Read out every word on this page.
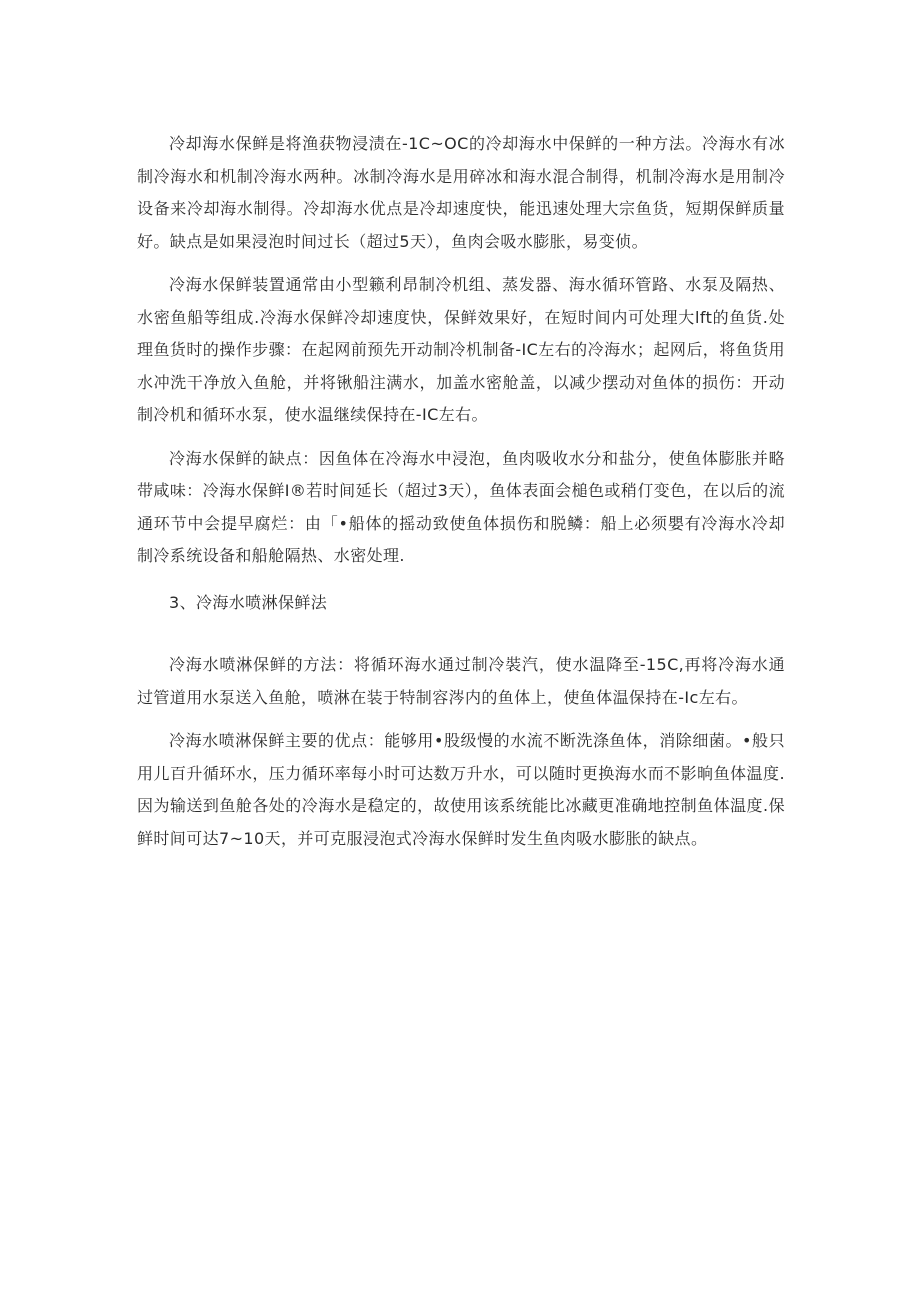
冷却海水保鲜是将渔获物浸渍在-1C~OC的冷却海水中保鲜的一种方法。冷海水有冰制冷海水和机制冷海水两种。冰制冷海水是用碎冰和海水混合制得，机制冷海水是用制冷设备来冷却海水制得。冷却海水优点是冷却速度快，能迅速处理大宗鱼货，短期保鲜质量好。缺点是如果浸泡时间过长（超过5天），鱼肉会吸水膨胀，易变侦。

冷海水保鲜装置通常由小型籁利昂制冷机组、蒸发器、海水循环管路、水泵及隔热、水密鱼船等组成.冷海水保鲜冷却速度快，保鲜效果好，在短时间内可处理大lft的鱼货.处理鱼货时的操作步骤：在起网前预先开动制冷机制备-IC左右的冷海水；起网后，将鱼货用水冲洗干净放入鱼舱，并将锹船注满水，加盖水密舱盖，以减少摆动对鱼体的损伤：开动制冷机和循环水泵，使水温继续保持在-IC左右。

冷海水保鲜的缺点：因鱼体在冷海水中浸泡，鱼肉吸收水分和盐分，使鱼体膨胀并略带咸味：冷海水保鲜I®若时间延长（超过3天），鱼体表面会槌色或稍仃变色，在以后的流通环节中会提早腐烂：由「•船体的摇动致使鱼体损伤和脱鳞：船上必须嬰有冷海水冷却制冷系统设备和船舱隔热、水密处理.

3、冷海水喷淋保鲜法

冷海水喷淋保鲜的方法：将循环海水通过制冷裝汽，使水温降至-15C,再将冷海水通过管道用水泵送入鱼舱，喷淋在装于特制容涔内的鱼体上，使鱼体温保持在-Ic左右。

冷海水喷淋保鲜主要的优点：能够用•股级慢的水流不断洗涤鱼体，消除细菌。•般只用儿百升循环水，压力循环率每小时可达数万升水，可以随时更换海水而不影晌鱼体温度.因为输送到鱼舱各处的冷海水是稳定的，故使用该系统能比冰藏更准确地控制鱼体温度.保鲜时间可达7~10天，并可克服浸泡式冷海水保鲜时发生鱼肉吸水膨胀的缺点。
